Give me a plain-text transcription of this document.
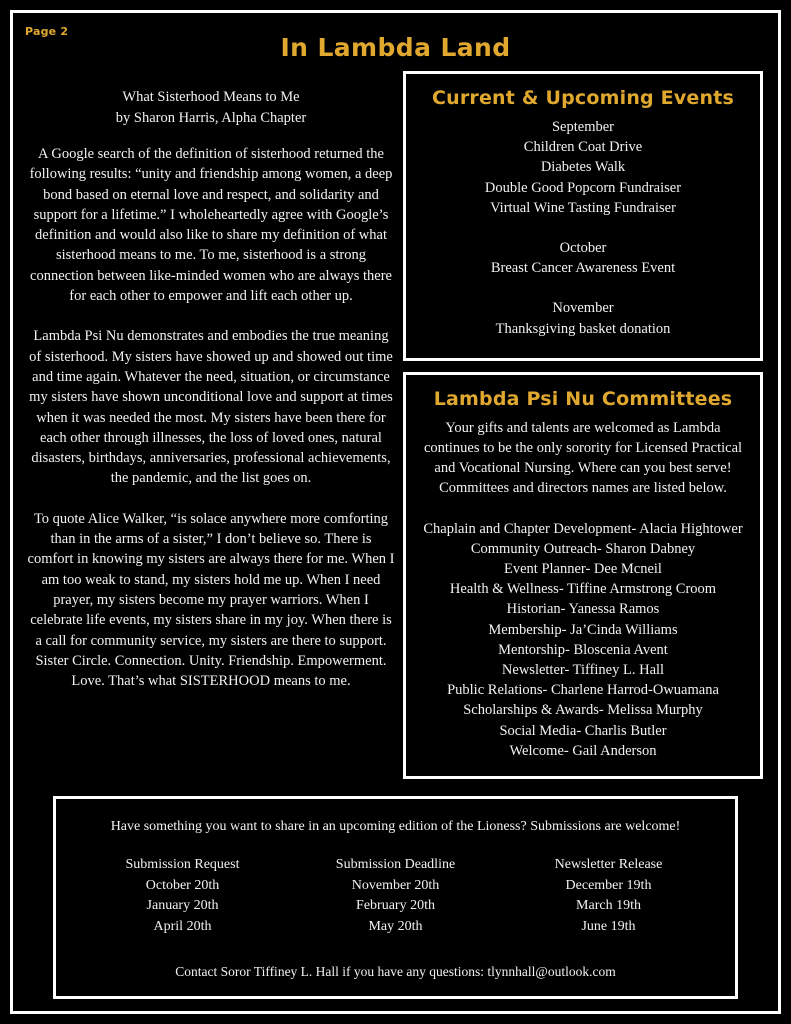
Page 2
In Lambda Land
What Sisterhood Means to Me
by Sharon Harris, Alpha Chapter

A Google search of the definition of sisterhood returned the following results: “unity and friendship among women, a deep bond based on eternal love and respect, and solidarity and support for a lifetime.” I wholeheartedly agree with Google’s definition and would also like to share my definition of what sisterhood means to me. To me, sisterhood is a strong connection between like-minded women who are always there for each other to empower and lift each other up.

Lambda Psi Nu demonstrates and embodies the true meaning of sisterhood. My sisters have showed up and showed out time and time again. Whatever the need, situation, or circumstance my sisters have shown unconditional love and support at times when it was needed the most. My sisters have been there for each other through illnesses, the loss of loved ones, natural disasters, birthdays, anniversaries, professional achievements, the pandemic, and the list goes on.

To quote Alice Walker, “is solace anywhere more comforting than in the arms of a sister,” I don’t believe so. There is comfort in knowing my sisters are always there for me. When I am too weak to stand, my sisters hold me up. When I need prayer, my sisters become my prayer warriors. When I celebrate life events, my sisters share in my joy. When there is a call for community service, my sisters are there to support. Sister Circle. Connection. Unity. Friendship. Empowerment. Love. That’s what SISTERHOOD means to me.

Current & Upcoming Events
September
Children Coat Drive
Diabetes Walk
Double Good Popcorn Fundraiser
Virtual Wine Tasting Fundraiser
October
Breast Cancer Awareness Event
November
Thanksgiving basket donation
Lambda Psi Nu Committees

Your gifts and talents are welcomed as Lambda continues to be the only sorority for Licensed Practical and Vocational Nursing. Where can you best serve! Committees and directors names are listed below.

Chaplain and Chapter Development- Alacia Hightower
Community Outreach- Sharon Dabney
Event Planner- Dee Mcneil
Health & Wellness- Tiffine Armstrong Croom
Historian- Yanessa Ramos
Membership- Ja’Cinda Williams
Mentorship- Bloscenia Avent
Newsletter- Tiffiney L. Hall
Public Relations- Charlene Harrod-Owuamana
Scholarships & Awards- Melissa Murphy
Social Media- Charlis Butler
Welcome- Gail Anderson
Have something you want to share in an upcoming edition of the Lioness? Submissions are welcome!
Submission Request
October 20th
January 20th
April 20th
Submission Deadline
November 20th
February 20th
May 20th
Newsletter Release
December 19th
March 19th
June 19th
Contact Soror Tiffiney L. Hall if you have any questions: tlynnhall@outlook.com
